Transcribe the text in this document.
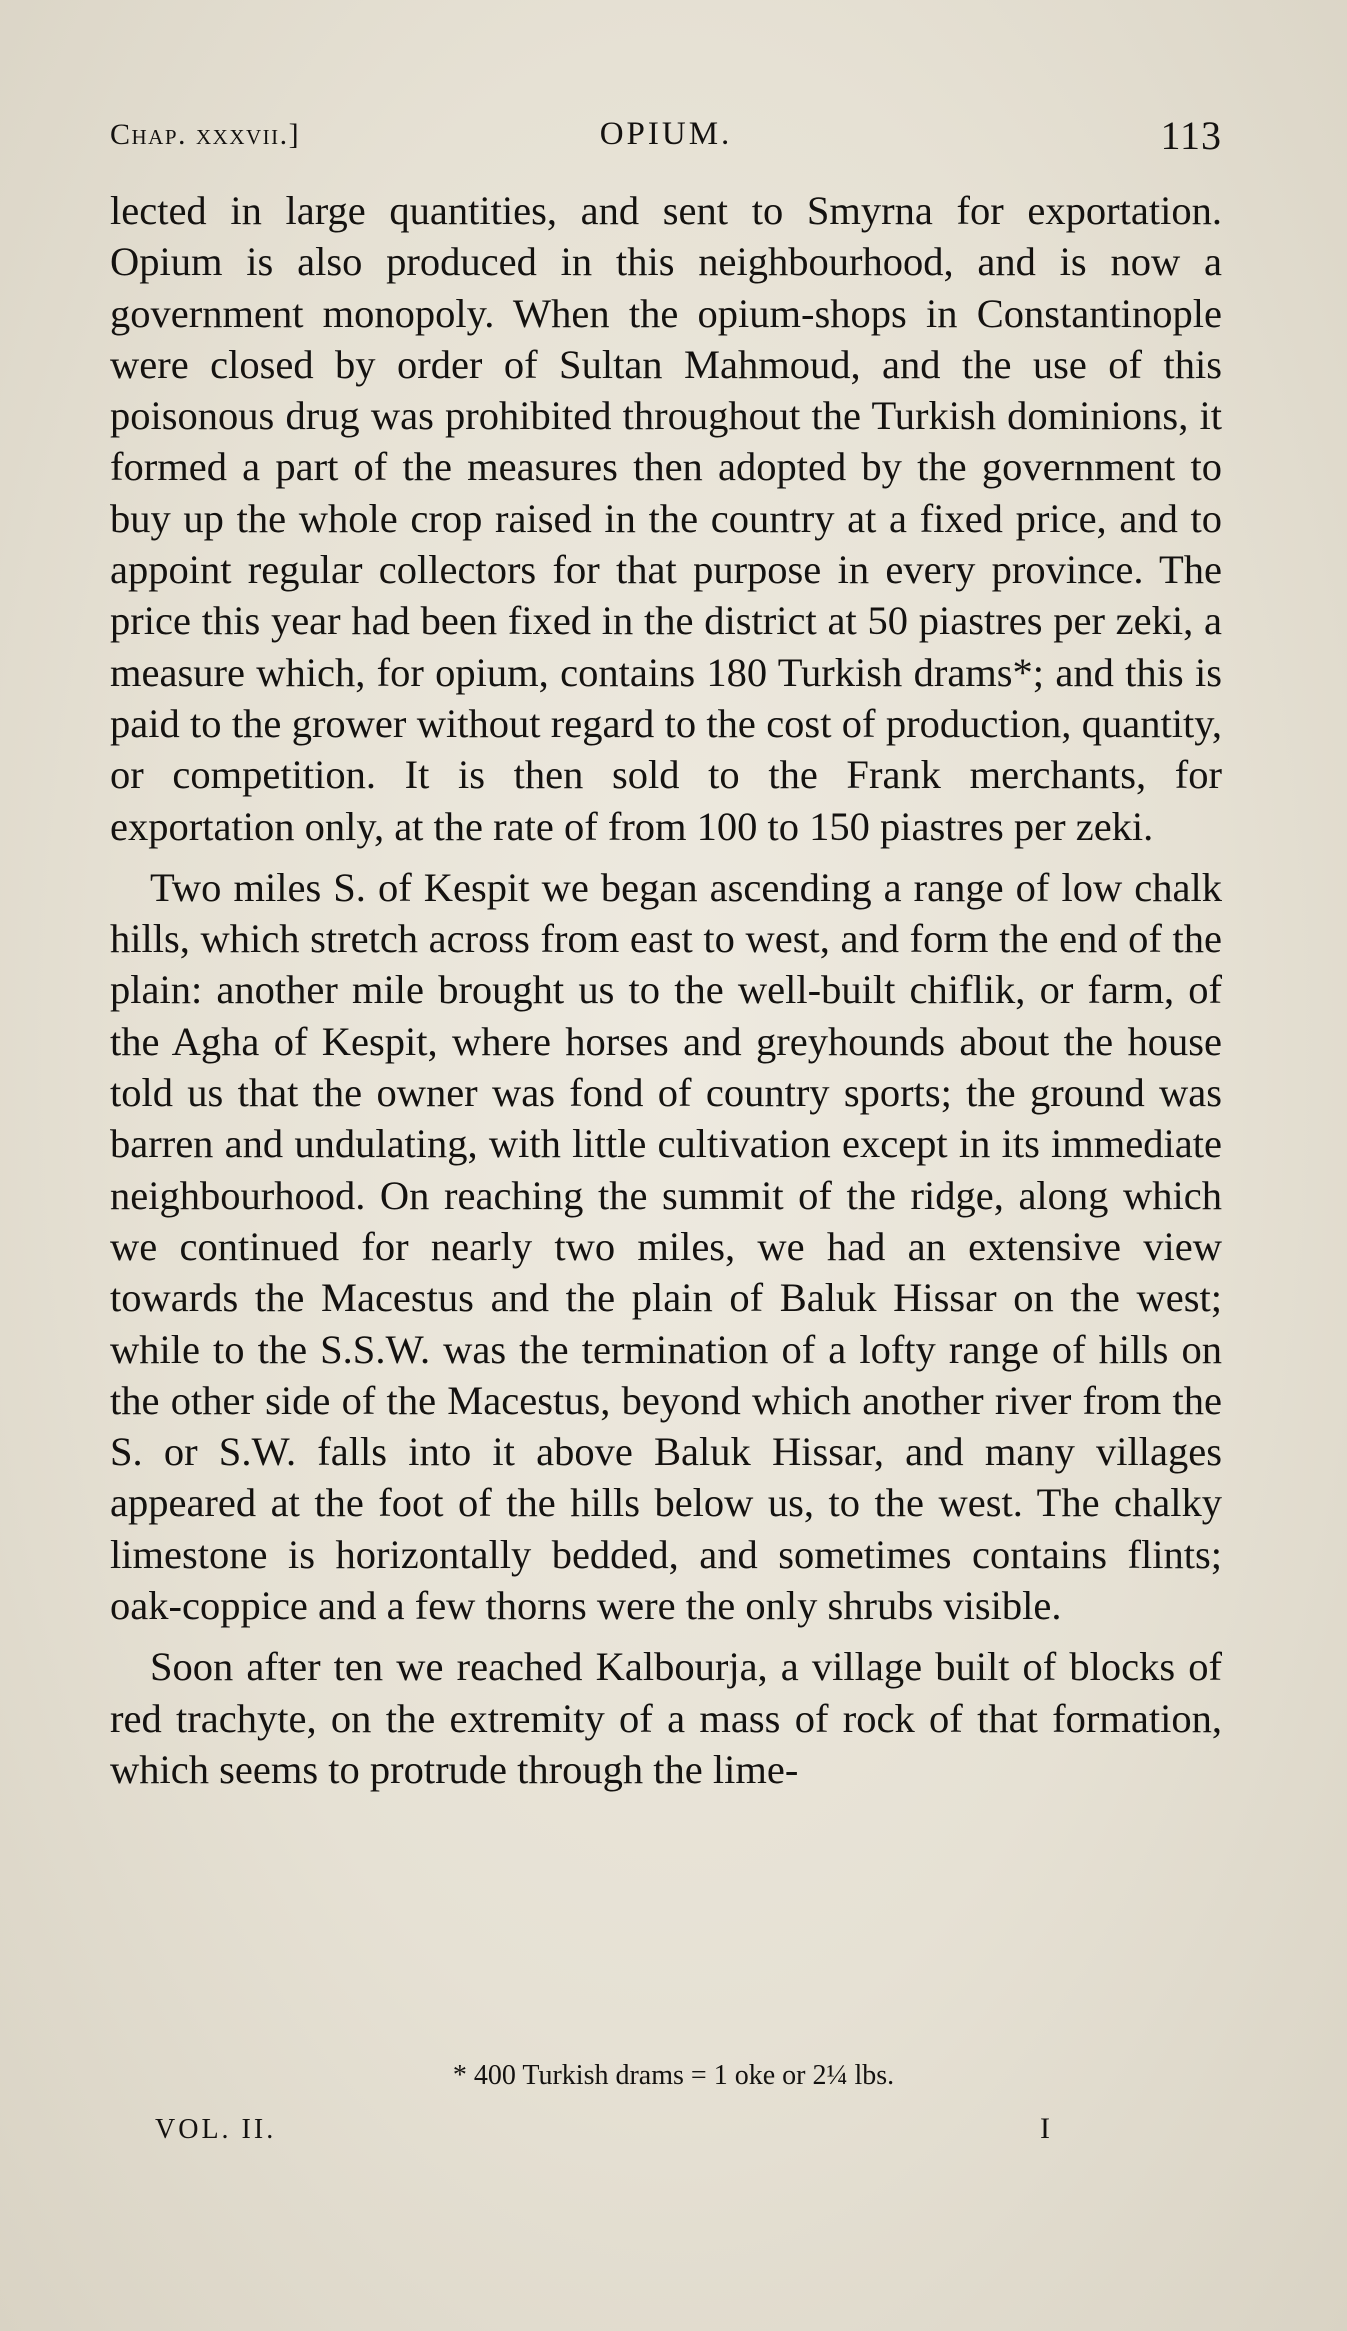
Chap. xxxvii.]	OPIUM.	113

lected in large quantities, and sent to Smyrna for exportation. Opium is also produced in this neighbourhood, and is now a government monopoly. When the opium-shops in Constantinople were closed by order of Sultan Mahmoud, and the use of this poisonous drug was prohibited throughout the Turkish dominions, it formed a part of the measures then adopted by the government to buy up the whole crop raised in the country at a fixed price, and to appoint regular collectors for that purpose in every province. The price this year had been fixed in the district at 50 piastres per zeki, a measure which, for opium, contains 180 Turkish drams*; and this is paid to the grower without regard to the cost of production, quantity, or competition. It is then sold to the Frank merchants, for exportation only, at the rate of from 100 to 150 piastres per zeki.

Two miles S. of Kespit we began ascending a range of low chalk hills, which stretch across from east to west, and form the end of the plain: another mile brought us to the well-built chiflik, or farm, of the Agha of Kespit, where horses and greyhounds about the house told us that the owner was fond of country sports; the ground was barren and undulating, with little cultivation except in its immediate neighbourhood. On reaching the summit of the ridge, along which we continued for nearly two miles, we had an extensive view towards the Macestus and the plain of Baluk Hissar on the west; while to the S.S.W. was the termination of a lofty range of hills on the other side of the Macestus, beyond which another river from the S. or S.W. falls into it above Baluk Hissar, and many villages appeared at the foot of the hills below us, to the west. The chalky limestone is horizontally bedded, and sometimes contains flints; oak-coppice and a few thorns were the only shrubs visible.

Soon after ten we reached Kalbourja, a village built of blocks of red trachyte, on the extremity of a mass of rock of that formation, which seems to protrude through the lime-

* 400 Turkish drams = 1 oke or 2¼ lbs.
VOL. II.	I
